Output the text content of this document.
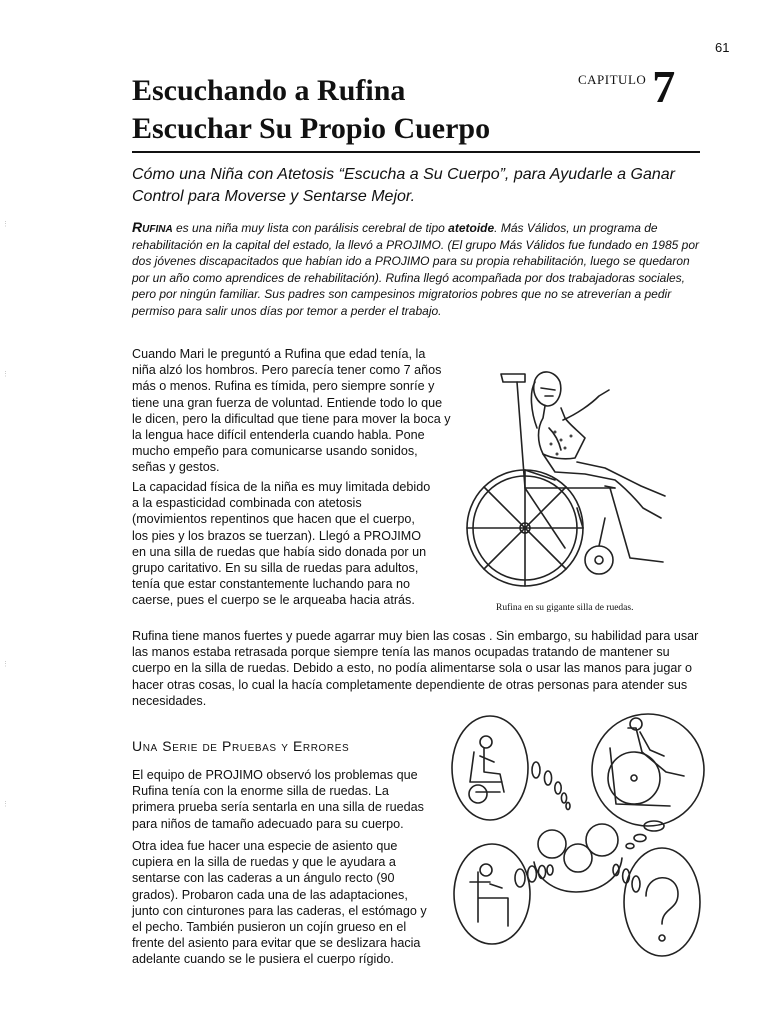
61
Escuchando a Rufina
Escuchar Su Propio Cuerpo
$^{CAPITULO}$ 7
Cómo una Niña con Atetosis “Escucha a Su Cuerpo”, para Ayudarle a Ganar Control para Moverse y Sentarse Mejor.
Rufina es una niña muy lista con parálisis cerebral de tipo atetoide. Más Válidos, un programa de rehabilitación en la capital del estado, la llevó a PROJIMO. (El grupo Más Válidos fue fundado en 1985 por dos jóvenes discapacitados que habían ido a PROJIMO para su propia rehabilitación, luego se quedaron por un año como aprendices de rehabilitación). Rufina llegó acompañada por dos trabajadoras sociales, pero por ningún familiar. Sus padres son campesinos migratorios pobres que no se atreverían a pedir permiso para salir unos días por temor a perder el trabajo.
Cuando Mari le preguntó a Rufina que edad tenía, la niña alzó los hombros. Pero parecía tener como 7 años más o menos. Rufina es tímida, pero siempre sonríe y tiene una gran fuerza de voluntad. Entiende todo lo que le dicen, pero la dificultad que tiene para mover la boca y la lengua hace difícil entenderla cuando habla. Pone mucho empeño para comunicarse usando sonidos, señas y gestos.
La capacidad física de la niña es muy limitada debido a la espasticidad combinada con atetosis (movimientos repentinos que hacen que el cuerpo, los pies y los brazos se tuerzan). Llegó a PROJIMO en una silla de ruedas que había sido donada por un grupo caritativo. En su silla de ruedas para adultos, tenía que estar constantemente luchando para no caerse, pues el cuerpo se le arqueaba hacia atrás.
Rufina en su gigante silla de ruedas.
Rufina tiene manos fuertes y puede agarrar muy bien las cosas . Sin embargo, su habilidad para usar las manos estaba retrasada porque siempre tenía las manos ocupadas tratando de mantener su cuerpo en la silla de ruedas. Debido a esto, no podía alimentarse sola o usar las manos para jugar o hacer otras cosas, lo cual la hacía completamente dependiente de otras personas para atender sus necesidades.
Una Serie de Pruebas y Errores
El equipo de PROJIMO observó los problemas que Rufina tenía con la enorme silla de ruedas. La primera prueba sería sentarla en una silla de ruedas para niños de tamaño adecuado para su cuerpo.
Otra idea fue hacer una especie de asiento que cupiera en la silla de ruedas y que le ayudara a sentarse con las caderas a un ángulo recto (90 grados). Probaron cada una de las adaptaciones, junto con cinturones para las caderas, el estómago y el pecho. También pusieron un cojín grueso en el frente del asiento para evitar que se deslizara hacia adelante cuando se le pusiera el cuerpo rígido.
⋮
⋮
⋮
⋮
